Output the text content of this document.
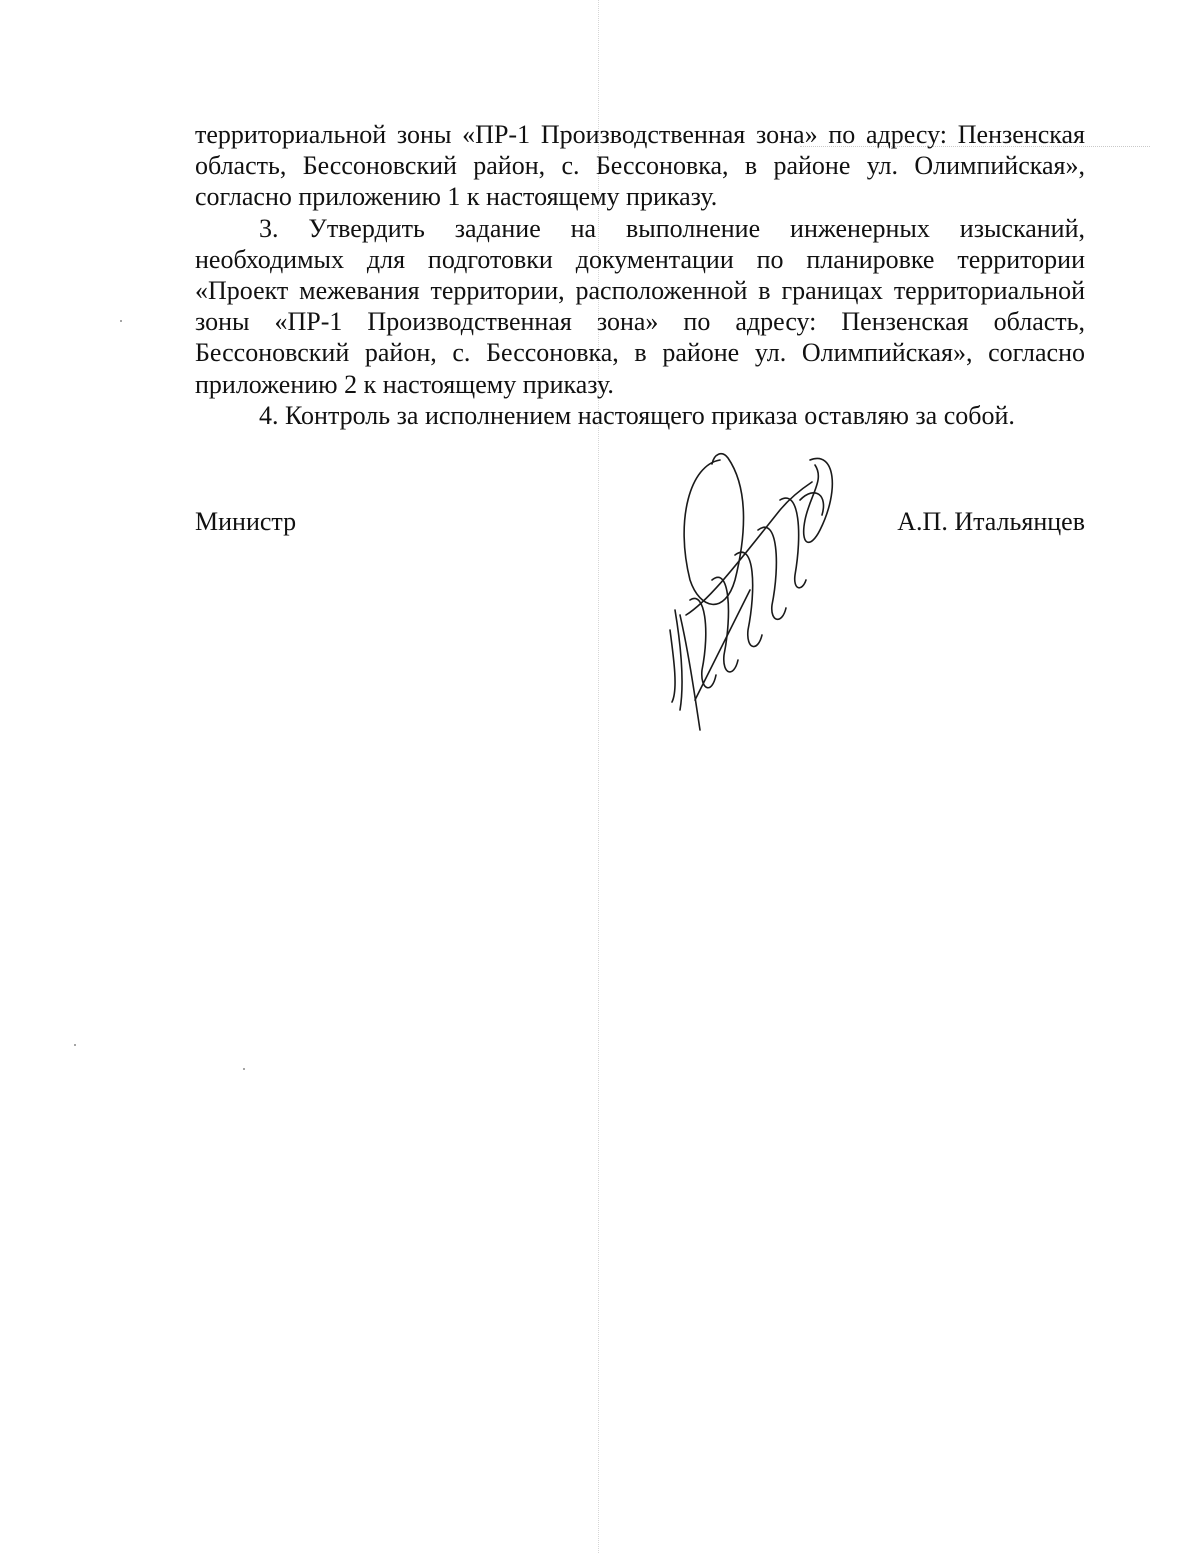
территориальной зоны «ПР-1 Производственная зона» по адресу: Пензенская область, Бессоновский район, с. Бессоновка, в районе ул. Олимпийская», согласно приложению 1 к настоящему приказу.

3. Утвердить задание на выполнение инженерных изысканий, необходимых для подготовки документации по планировке территории «Проект межевания территории, расположенной в границах территориальной зоны «ПР-1 Производственная зона» по адресу: Пензенская область, Бессоновский район, с. Бессоновка, в районе ул. Олимпийская», согласно приложению 2 к настоящему приказу.

4. Контроль за исполнением настоящего приказа оставляю за собой.

Министр	А.П. Итальянцев
